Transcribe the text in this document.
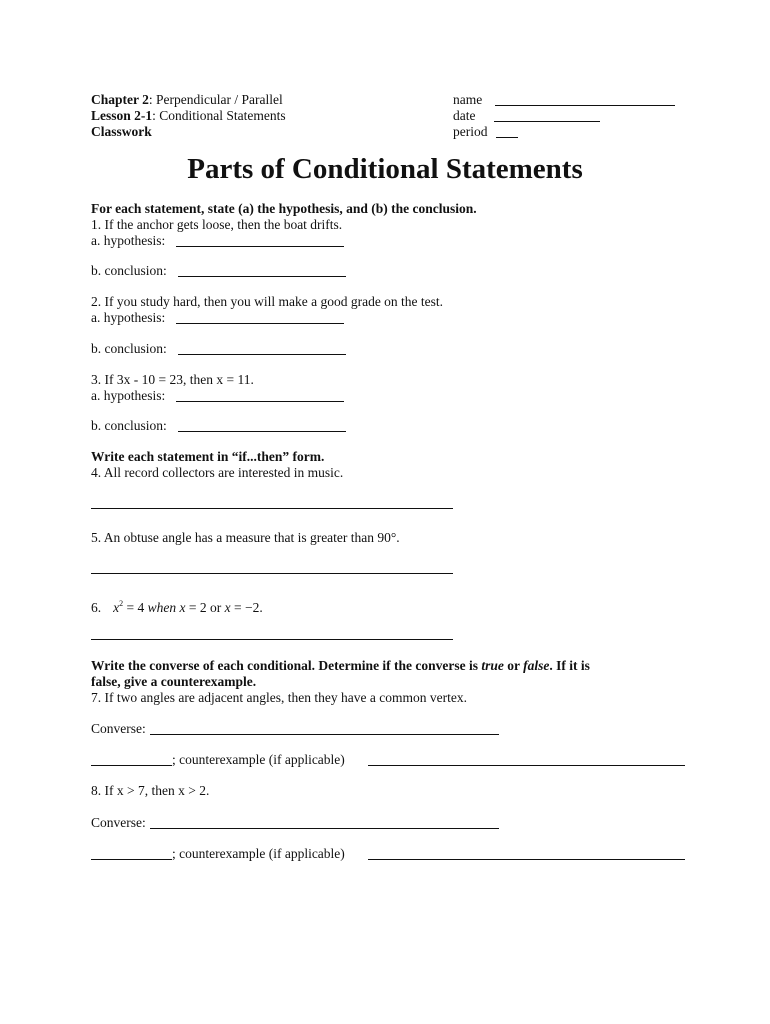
Chapter 2: Perpendicular / Parallel
Lesson 2-1: Conditional Statements
Classwork
name
date
period
Parts of Conditional Statements
For each statement, state (a) the hypothesis, and (b) the conclusion.
1. If the anchor gets loose, then the boat drifts.
a. hypothesis:
b. conclusion:
2. If you study hard, then you will make a good grade on the test.
a. hypothesis:
b. conclusion:
3. If 3x - 10 = 23, then x = 11.
a. hypothesis:
b. conclusion:
Write each statement in “if...then” form.
4. All record collectors are interested in music.
5. An obtuse angle has a measure that is greater than 90°.
6. $x^2 = 4$ when x = 2 or x = −2.
Write the converse of each conditional. Determine if the converse is true or false. If it is
false, give a counterexample.
7. If two angles are adjacent angles, then they have a common vertex.
Converse:
; counterexample (if applicable)
8. If x > 7, then x > 2.
Converse:
; counterexample (if applicable)
